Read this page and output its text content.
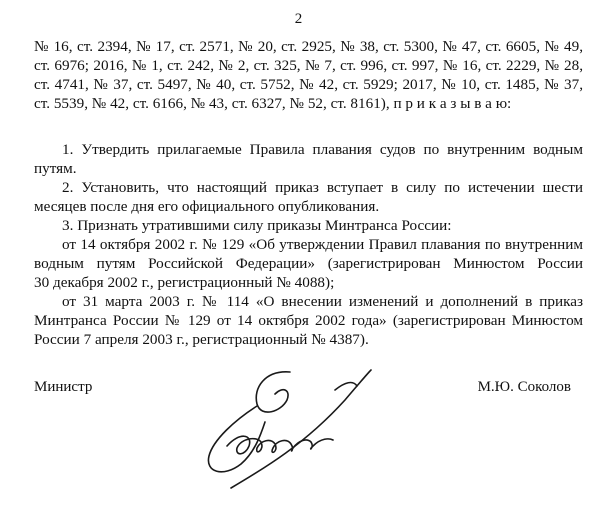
2
№ 16, ст. 2394, № 17, ст. 2571, № 20, ст. 2925, № 38, ст. 5300, № 47, ст. 6605, № 49,
ст. 6976; 2016, № 1, ст. 242, № 2, ст. 325, № 7, ст. 996, ст. 997, № 16, ст. 2229, № 28,
ст. 4741, № 37, ст. 5497, № 40, ст. 5752, № 42, ст. 5929; 2017, № 10, ст. 1485, № 37,
ст. 5539, № 42, ст. 6166, № 43, ст. 6327, № 52, ст. 8161), п р и к а з ы в а ю:
1. Утвердить прилагаемые Правила плавания судов по внутренним водным
путям.
2. Установить, что настоящий приказ вступает в силу по истечении шести
месяцев после дня его официального опубликования.
3. Признать утратившими силу приказы Минтранса России:
от 14 октября 2002 г. № 129 «Об утверждении Правил плавания по внутренним
водным путям Российской Федерации» (зарегистрирован Минюстом России
30 декабря 2002 г., регистрационный № 4088);
от 31 марта 2003 г. № 114 «О внесении изменений и дополнений в приказ
Минтранса России № 129 от 14 октября 2002 года» (зарегистрирован Минюстом
России 7 апреля 2003 г., регистрационный № 4387).
Министр	М.Ю. Соколов
